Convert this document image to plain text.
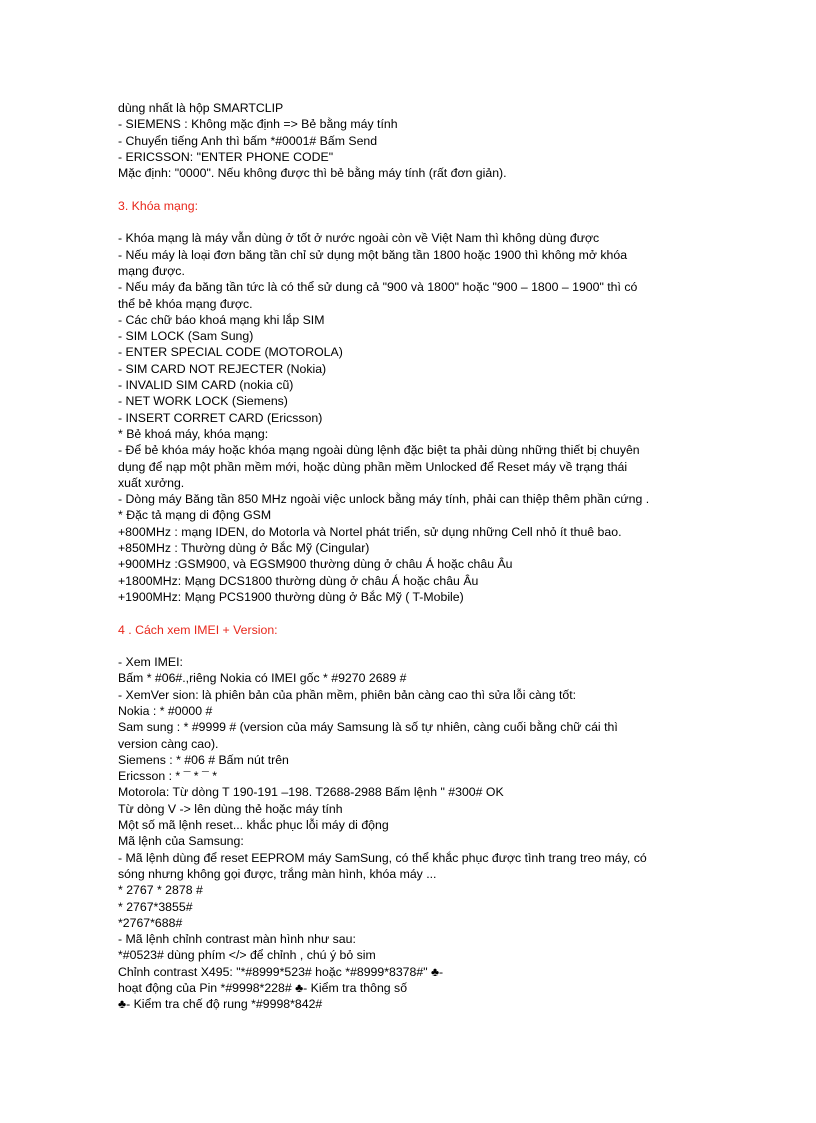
dùng nhất là hộp SMARTCLIP
- SIEMENS : Không mặc định => Bẻ bằng máy tính
- Chuyển tiếng Anh thì bấm *#0001# Bấm Send
- ERICSSON: "ENTER PHONE CODE"
Mặc định: "0000". Nếu không được thì bẻ bằng máy tính (rất đơn giản).
3. Khóa mạng:
- Khóa mạng là máy vẫn dùng ở tốt ở nước ngoài còn về Việt Nam thì không dùng được
- Nếu máy là loại đơn băng tần chỉ sử dụng một băng tần 1800 hoặc 1900 thì không mở khóa
mạng được.
- Nếu máy đa băng tần tức là có thể sử dung cả "900 và 1800" hoặc "900 – 1800 – 1900" thì có
thể bẻ khóa mạng được.
- Các chữ báo khoá mạng khi lắp SIM
- SIM LOCK (Sam Sung)
- ENTER SPECIAL CODE (MOTOROLA)
- SIM CARD NOT REJECTER (Nokia)
- INVALID SIM CARD (nokia cũ)
- NET WORK LOCK (Siemens)
- INSERT CORRET CARD (Ericsson)
* Bẻ khoá máy, khóa mạng:
- Để bẻ khóa máy hoặc khóa mạng ngoài dùng lệnh đặc biệt ta phải dùng những thiết bị chuyên
dụng để nạp một phần mềm mới, hoặc dùng phần mềm Unlocked để Reset máy về trạng thái
xuất xưởng.
- Dòng máy Băng tần 850 MHz ngoài việc unlock bằng máy tính, phải can thiệp thêm phần cứng .
* Đặc tả mạng di động GSM
+800MHz : mạng IDEN, do Motorla và Nortel phát triển, sử dụng những Cell nhỏ ít thuê bao.
+850MHz : Thường dùng ở Bắc Mỹ (Cingular)
+900MHz :GSM900, và EGSM900 thường dùng ở châu Á hoặc châu Âu
+1800MHz: Mạng DCS1800 thường dùng ở châu Á hoặc châu Âu
+1900MHz: Mạng PCS1900 thường dùng ở Bắc Mỹ ( T-Mobile)
4 . Cách xem IMEI + Version:
- Xem IMEI:
Bấm * #06#.,riêng Nokia có IMEI gốc * #9270 2689 #
- XemVer sion: là phiên bản của phần mềm, phiên bản càng cao thì sửa lỗi càng tốt:
Nokia : * #0000 #
Sam sung : * #9999 # (version của máy Samsung là số tự nhiên, càng cuối bằng chữ cái thì
version càng cao).
Siemens : * #06 # Bấm nút trên
Ericsson : * ¯ * ¯ *
Motorola: Từ dòng T 190-191 –198. T2688-2988 Bấm lệnh " #300# OK
Từ dòng V -> lên dùng thẻ hoặc máy tính
Một số mã lệnh reset... khắc phục lỗi máy di động
Mã lệnh của Samsung:
- Mã lệnh dùng để reset EEPROM máy SamSung, có thể khắc phục được tình trang treo máy, có
sóng nhưng không gọi được, trắng màn hình, khóa máy ...
* 2767 * 2878 #
* 2767*3855#
*2767*688#
- Mã lệnh chỉnh contrast màn hình như sau:
*#0523# dùng phím </> để chỉnh , chú ý bỏ sim
Chỉnh contrast X495: "*#8999*523# hoặc *#8999*8378#" ♣-
hoạt động của Pin *#9998*228# ♣- Kiểm tra thông số
♣- Kiểm tra chế độ rung *#9998*842#
